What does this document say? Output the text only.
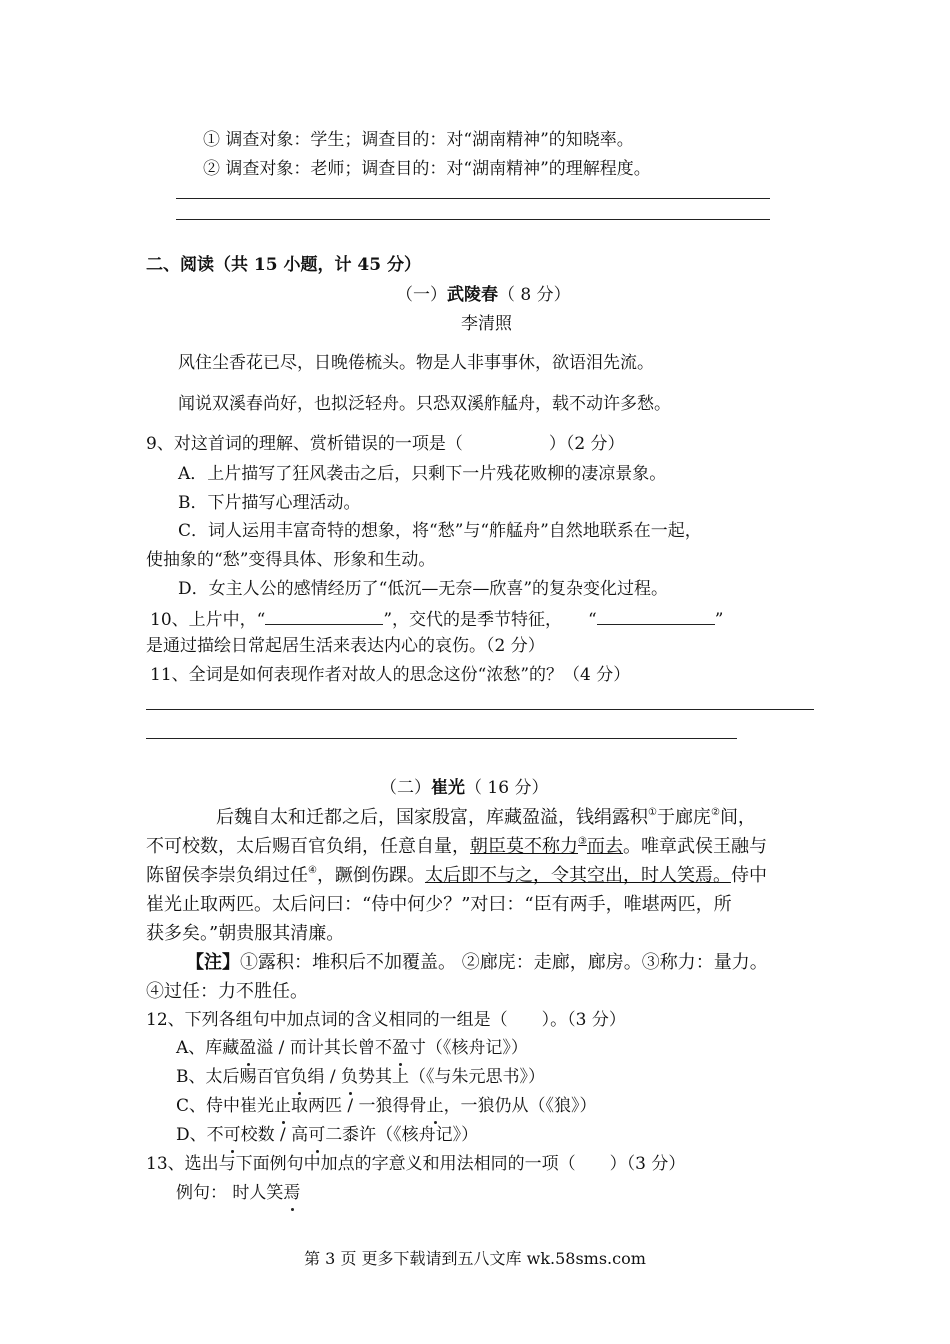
① 调查对象：学生；调查目的：对“湖南精神”的知晓率。
② 调查对象：老师；调查目的：对“湖南精神”的理解程度。
二、阅读（共 15 小题，计 45 分）
（一）武陵春（ 8 分）
李清照
风住尘香花已尽，日晚倦梳头。物是人非事事休，欲语泪先流。
闻说双溪春尚好，也拟泛轻舟。只恐双溪舴艋舟，载不动许多愁。
9、对这首词的理解、赏析错误的一项是（	）（2 分）
A．上片描写了狂风袭击之后，只剩下一片残花败柳的凄凉景象。
B．下片描写心理活动。
C．词人运用丰富奇特的想象，将“愁”与“舴艋舟”自然地联系在一起，
使抽象的“愁”变得具体、形象和生动。
D．女主人公的感情经历了“低沉—无奈—欣喜”的复杂变化过程。
10、上片中，“	”，交代的是季节特征， “	”
是通过描绘日常起居生活来表达内心的哀伤。（2 分）
11、全词是如何表现作者对故人的思念这份“浓愁”的？（4 分）
（二）崔光（ 16 分）
后魏自太和迁都之后，国家殷富，库藏盈溢，钱绢露积①于廊庑②间，
不可校数，太后赐百官负绢，任意自量，朝臣莫不称力③而去。唯章武侯王融与
陈留侯李崇负绢过任④，蹶倒伤踝。太后即不与之，令其空出，时人笑焉。侍中
崔光止取两匹。太后问曰：“侍中何少？”对曰：“臣有两手，唯堪两匹，所
获多矣。”朝贵服其清廉。
【注】①露积：堆积后不加覆盖。 ②廊庑：走廊，廊房。③称力：量力。
④过任：力不胜任。
12、下列各组句中加点词的含义相同的一组是（　　）。（3 分）
A、库藏盈溢 / 而计其长曾不盈寸（《核舟记》）
B、太后赐百官负绢 / 负势其上（《与朱元思书》）
C、侍中崔光止取两匹 / 一狼得骨止，一狼仍从（《狼》）
D、不可校数 / 高可二黍许（《核舟记》）
13、选出与下面例句中加点的字意义和用法相同的一项（　　）（3 分）
例句： 时人笑焉
第 3 页 更多下载请到五八文库 wk.58sms.com
